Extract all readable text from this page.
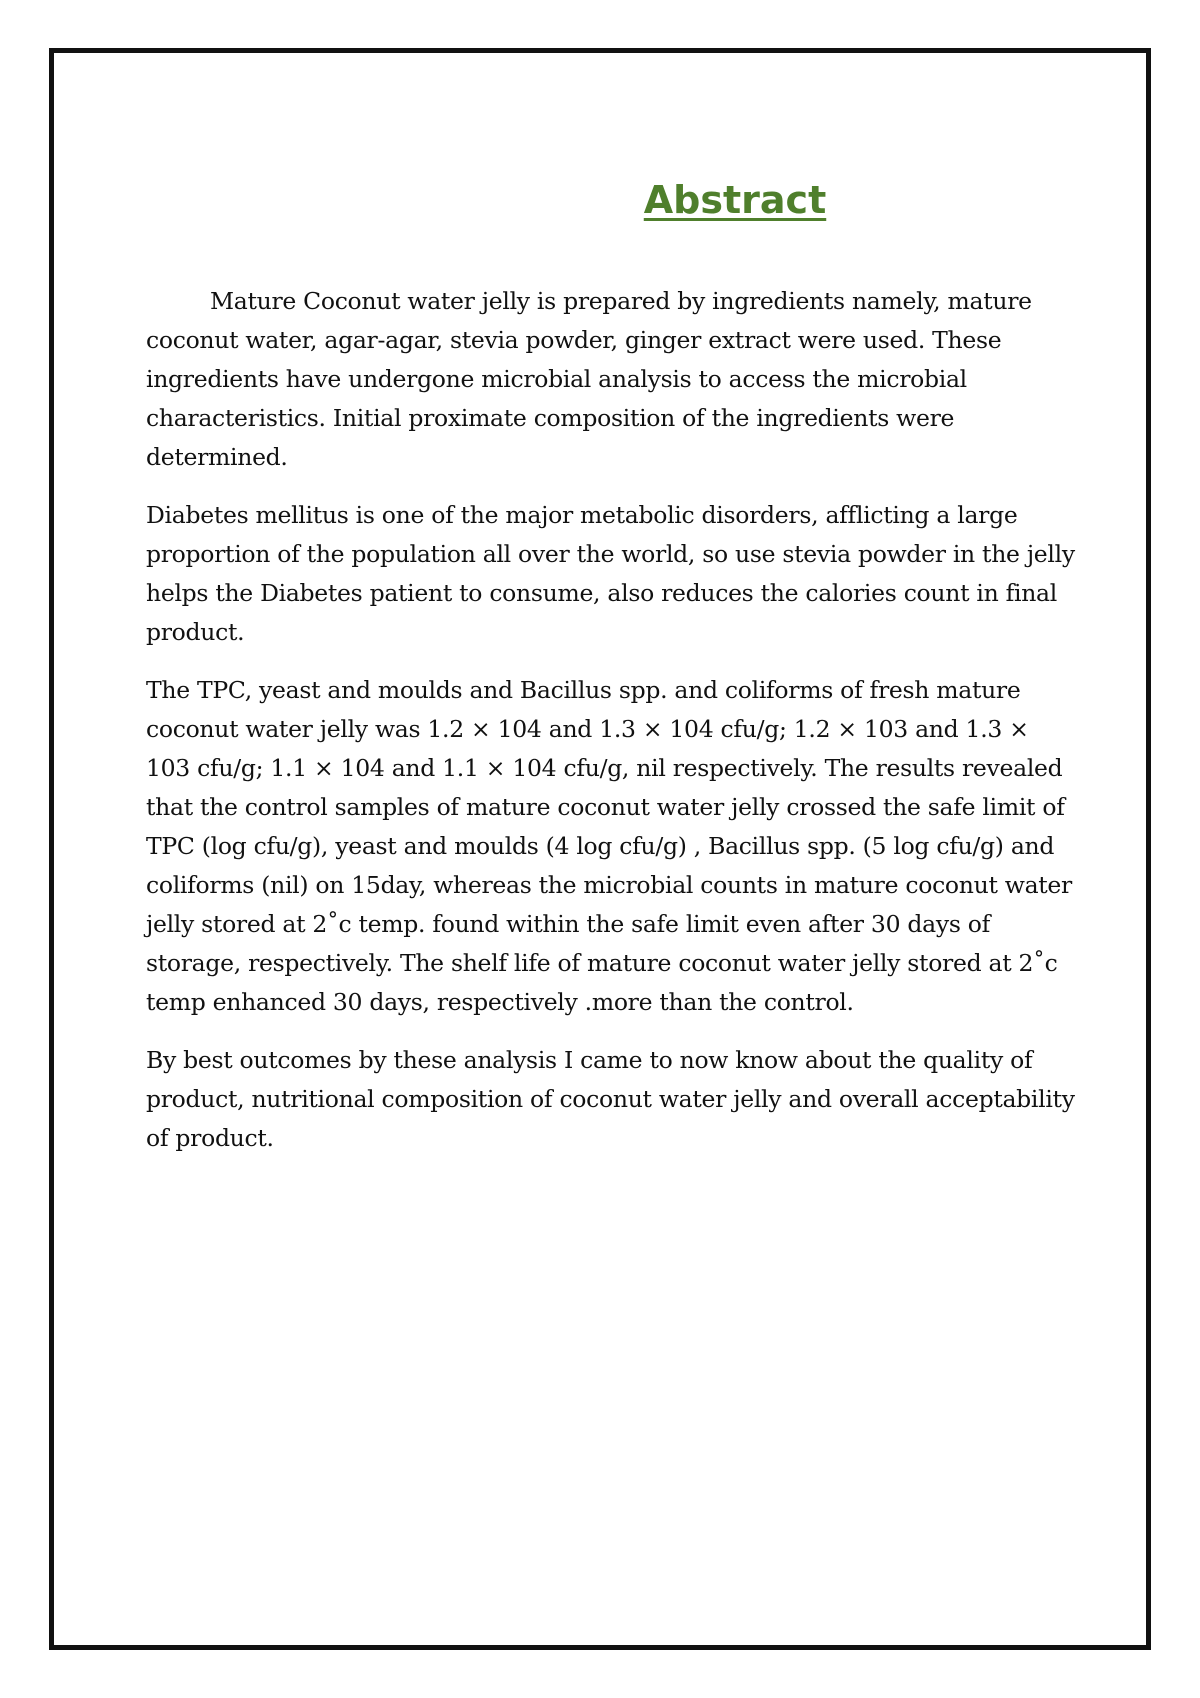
Abstract

Mature Coconut water jelly is prepared by ingredients namely, mature coconut water, agar-agar, stevia powder, ginger extract were used. These ingredients have undergone microbial analysis to access the microbial characteristics. Initial proximate composition of the ingredients were determined.

Diabetes mellitus is one of the major metabolic disorders, afflicting a large proportion of the population all over the world, so use stevia powder in the jelly helps the Diabetes patient to consume, also reduces the calories count in final product.

The TPC, yeast and moulds and Bacillus spp. and coliforms of fresh mature coconut water jelly was 1.2 × 104 and 1.3 × 104 cfu/g; 1.2 × 103 and 1.3 × 103 cfu/g; 1.1 × 104 and 1.1 × 104 cfu/g, nil respectively. The results revealed that the control samples of mature coconut water jelly crossed the safe limit of TPC (log cfu/g), yeast and moulds (4 log cfu/g) , Bacillus spp. (5 log cfu/g) and coliforms (nil) on 15day, whereas the microbial counts in mature coconut water jelly stored at 2˚c temp. found within the safe limit even after 30 days of storage, respectively. The shelf life of mature coconut water jelly stored at 2˚c temp enhanced 30 days, respectively .more than the control.

By best outcomes by these analysis I came to now know about the quality of product, nutritional composition of coconut water jelly and overall acceptability of product.
